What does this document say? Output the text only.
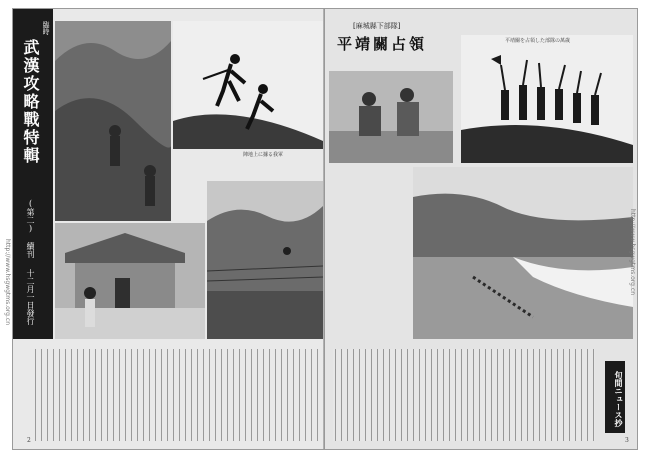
臨時
武漢攻略戰特輯
(第二) 續刊
十二月一日發行
陣地上に據る我軍
http://www.hsgwgtms.org.cn
2
[麻城縣下部隊]
平靖關占領	平靖關を占領した部隊の萬歲
旬間ニュース抄
http://www.hsgwgtms.org.cn
3
